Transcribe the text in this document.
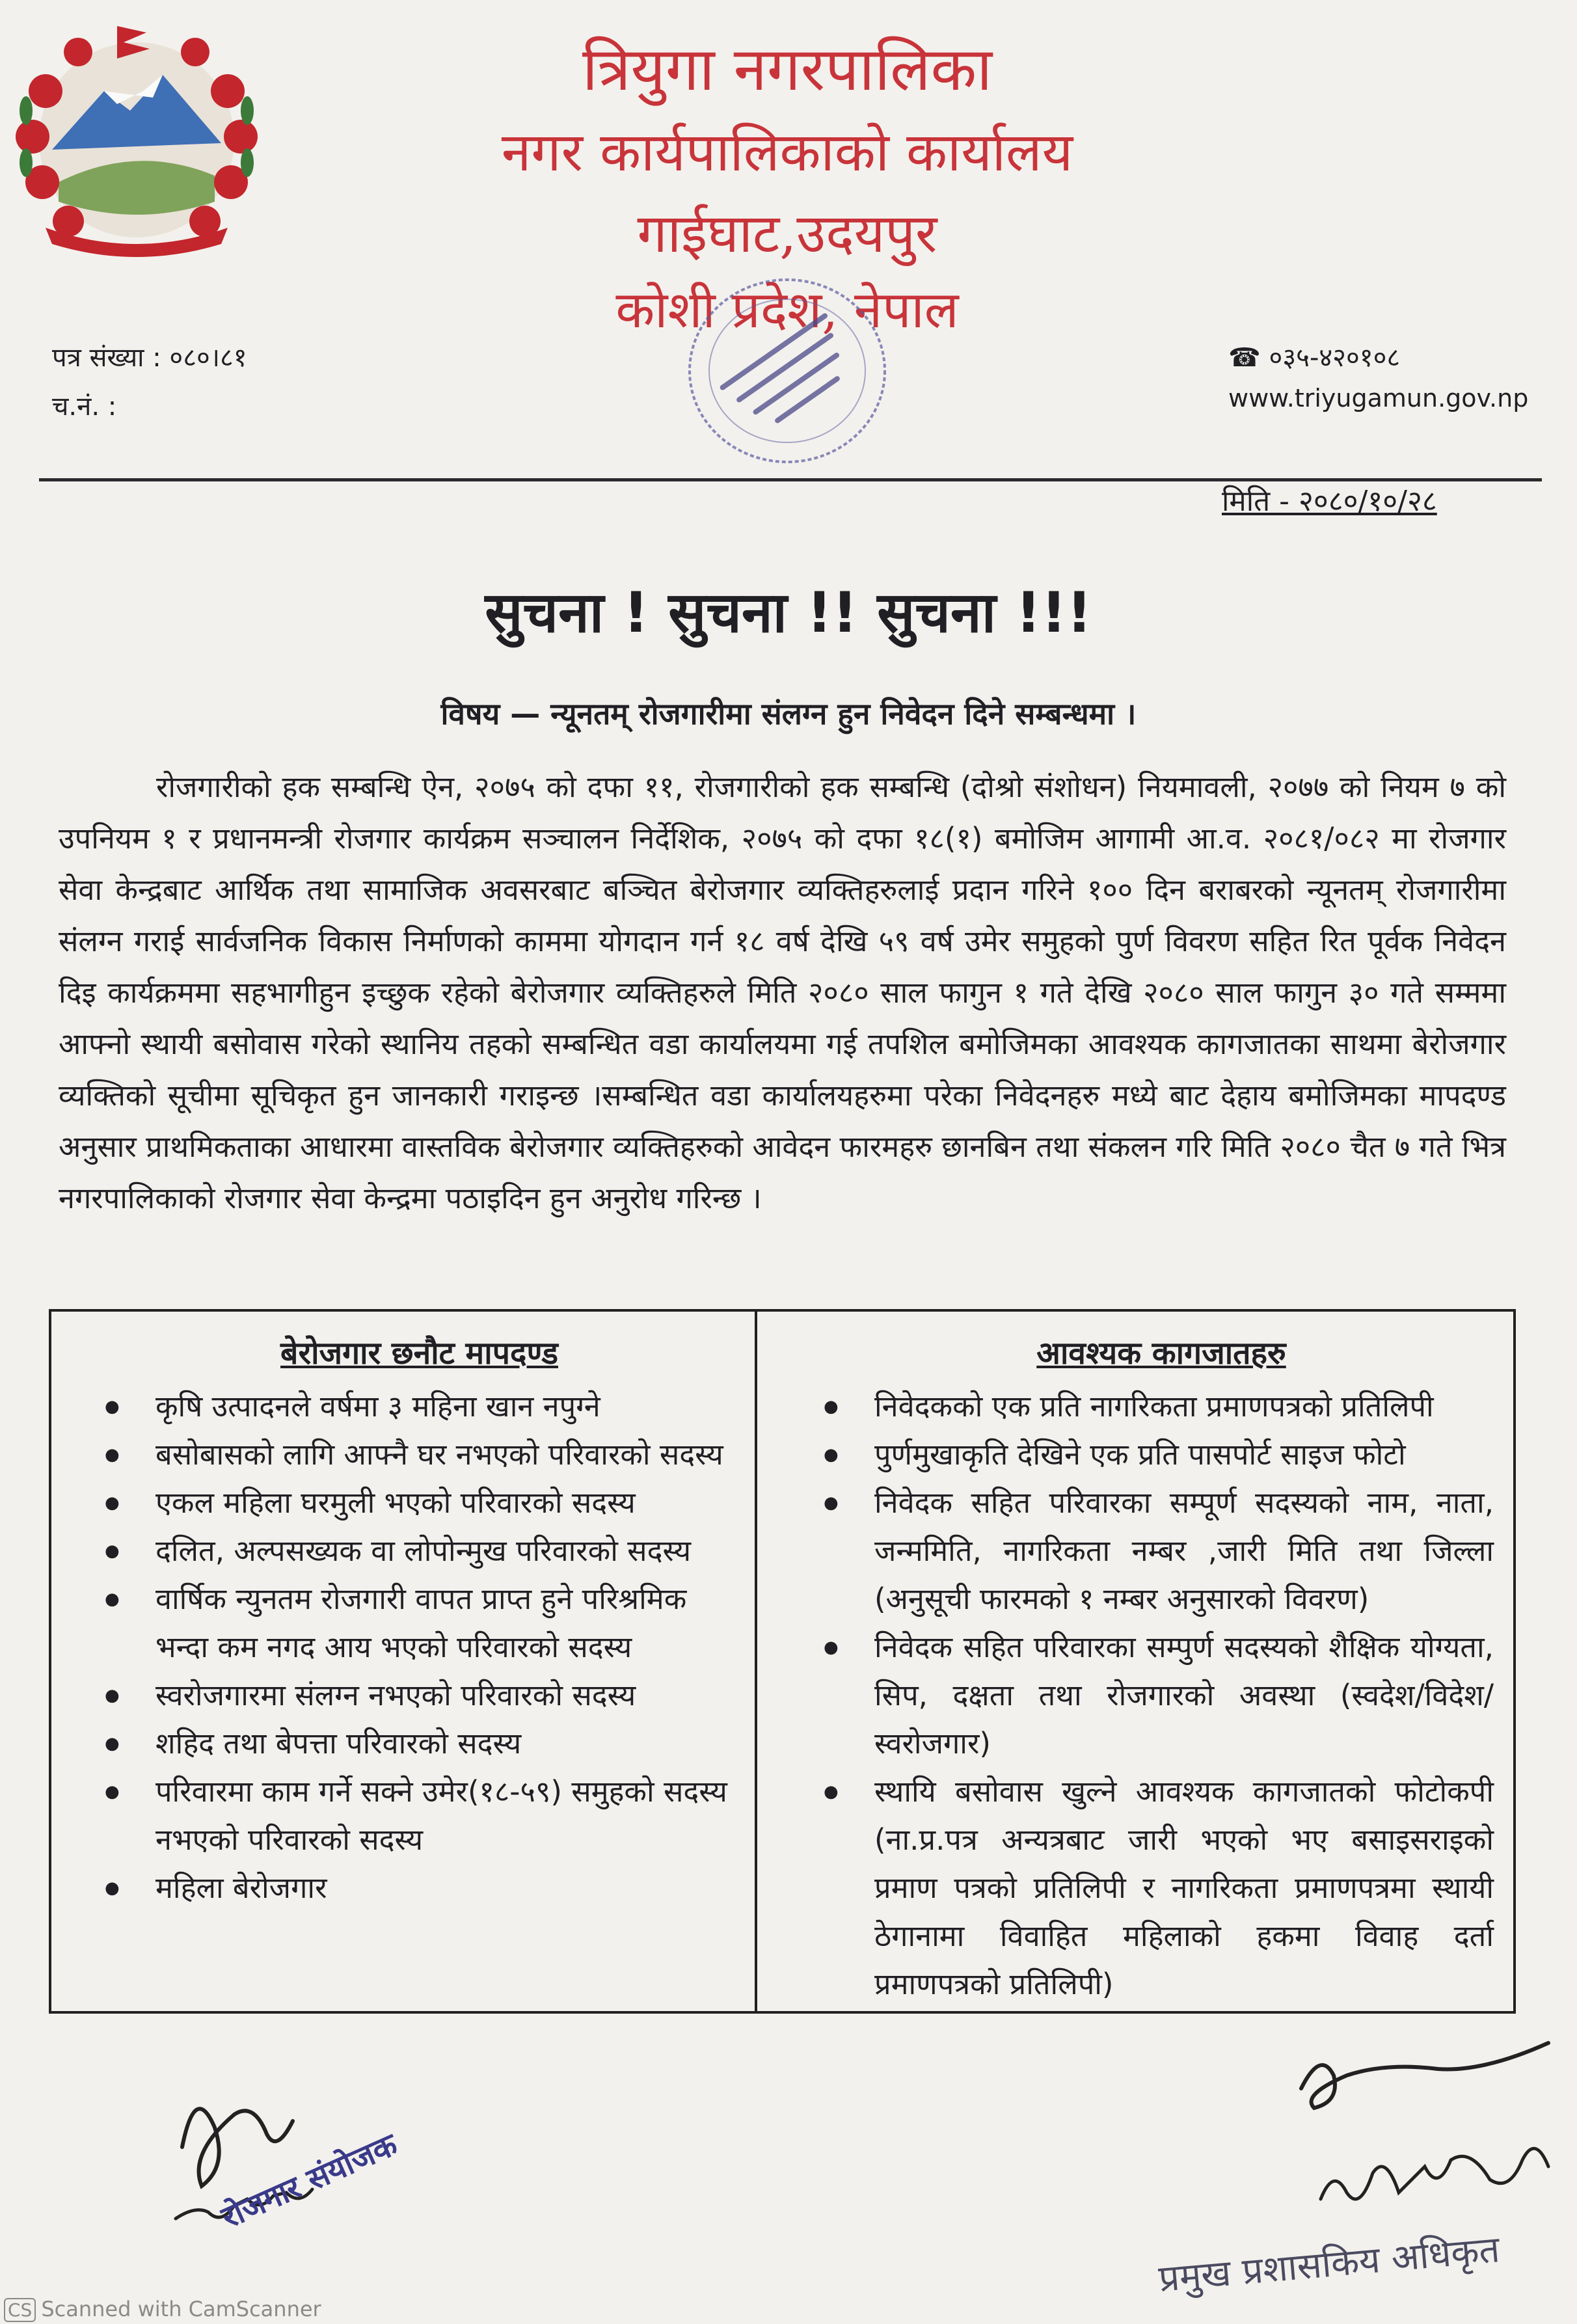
त्रियुगा नगरपालिका
नगर कार्यपालिकाको कार्यालय
गाईघाट,उदयपुर
कोशी प्रदेश, नेपाल
पत्र संख्या : ०८०।८१
च.नं. :
☎ ०३५-४२०१०८
www.triyugamun.gov.np
मिति - २०८०/१०/२८
सुचना ! सुचना !! सुचना !!!
विषय — न्यूनतम् रोजगारीमा संलग्न हुन निवेदन दिने सम्बन्धमा ।
रोजगारीको हक सम्बन्धि ऐन, २०७५ को दफा ११, रोजगारीको हक सम्बन्धि (दोश्रो संशोधन) नियमावली, २०७७ को नियम ७ को उपनियम १ र प्रधानमन्त्री रोजगार कार्यक्रम सञ्चालन निर्देशिक, २०७५ को दफा १८(१) बमोजिम आगामी आ.व. २०८१/०८२ मा रोजगार सेवा केन्द्रबाट आर्थिक तथा सामाजिक अवसरबाट बञ्चित बेरोजगार व्यक्तिहरुलाई प्रदान गरिने १०० दिन बराबरको न्यूनतम् रोजगारीमा संलग्न गराई सार्वजनिक विकास निर्माणको काममा योगदान गर्न १८ वर्ष देखि ५९ वर्ष उमेर समुहको पुर्ण विवरण सहित रित पूर्वक निवेदन दिइ कार्यक्रममा सहभागीहुन इच्छुक रहेको बेरोजगार व्यक्तिहरुले मिति २०८० साल फागुन १ गते देखि २०८० साल फागुन ३० गते सम्ममा आफ्नो स्थायी बसोवास गरेको स्थानिय तहको सम्बन्धित वडा कार्यालयमा गई तपशिल बमोजिमका आवश्यक कागजातका साथमा बेरोजगार व्यक्तिको सूचीमा सूचिकृत हुन जानकारी गराइन्छ ।सम्बन्धित वडा कार्यालयहरुमा परेका निवेदनहरु मध्ये बाट देहाय बमोजिमका मापदण्ड अनुसार प्राथमिकताका आधारमा वास्तविक बेरोजगार व्यक्तिहरुको आवेदन फारमहरु छानबिन तथा संकलन गरि मिति २०८० चैत ७ गते भित्र नगरपालिकाको रोजगार सेवा केन्द्रमा पठाइदिन हुन अनुरोध गरिन्छ ।
बेरोजगार छनौट मापदण्ड
● कृषि उत्पादनले वर्षमा ३ महिना खान नपुग्ने
● बसोबासको लागि आफ्नै घर नभएको परिवारको सदस्य
● एकल महिला घरमुली भएको परिवारको सदस्य
● दलित, अल्पसख्यक वा लोपोन्मुख परिवारको सदस्य
● वार्षिक न्युनतम रोजगारी वापत प्राप्त हुने परिश्रमिक भन्दा कम नगद आय भएको परिवारको सदस्य
● स्वरोजगारमा संलग्न नभएको परिवारको सदस्य
● शहिद तथा बेपत्ता परिवारको सदस्य
● परिवारमा काम गर्ने सक्ने उमेर(१८-५९) समुहको सदस्य नभएको परिवारको सदस्य
● महिला बेरोजगार
आवश्यक कागजातहरु
● निवेदकको एक प्रति नागरिकता प्रमाणपत्रको प्रतिलिपी
● पुर्णमुखाकृति देखिने एक प्रति पासपोर्ट साइज फोटो
● निवेदक सहित परिवारका सम्पूर्ण सदस्यको नाम, नाता, जन्ममिति, नागरिकता नम्बर ,जारी मिति तथा जिल्ला (अनुसूची फारमको १ नम्बर अनुसारको विवरण)
● निवेदक सहित परिवारका सम्पुर्ण सदस्यको शैक्षिक योग्यता, सिप, दक्षता तथा रोजगारको अवस्था (स्वदेश/विदेश/स्वरोजगार)
● स्थायि बसोवास खुल्ने आवश्यक कागजातको फोटोकपी (ना.प्र.पत्र अन्यत्रबाट जारी भएको भए बसाइसराइको प्रमाण पत्रको प्रतिलिपी र नागरिकता प्रमाणपत्रमा स्थायी ठेगानामा विवाहित महिलाको हकमा विवाह दर्ता प्रमाणपत्रको प्रतिलिपी)
रोजगार संयोजक
प्रमुख प्रशासकिय अधिकृत
CS Scanned with CamScanner
